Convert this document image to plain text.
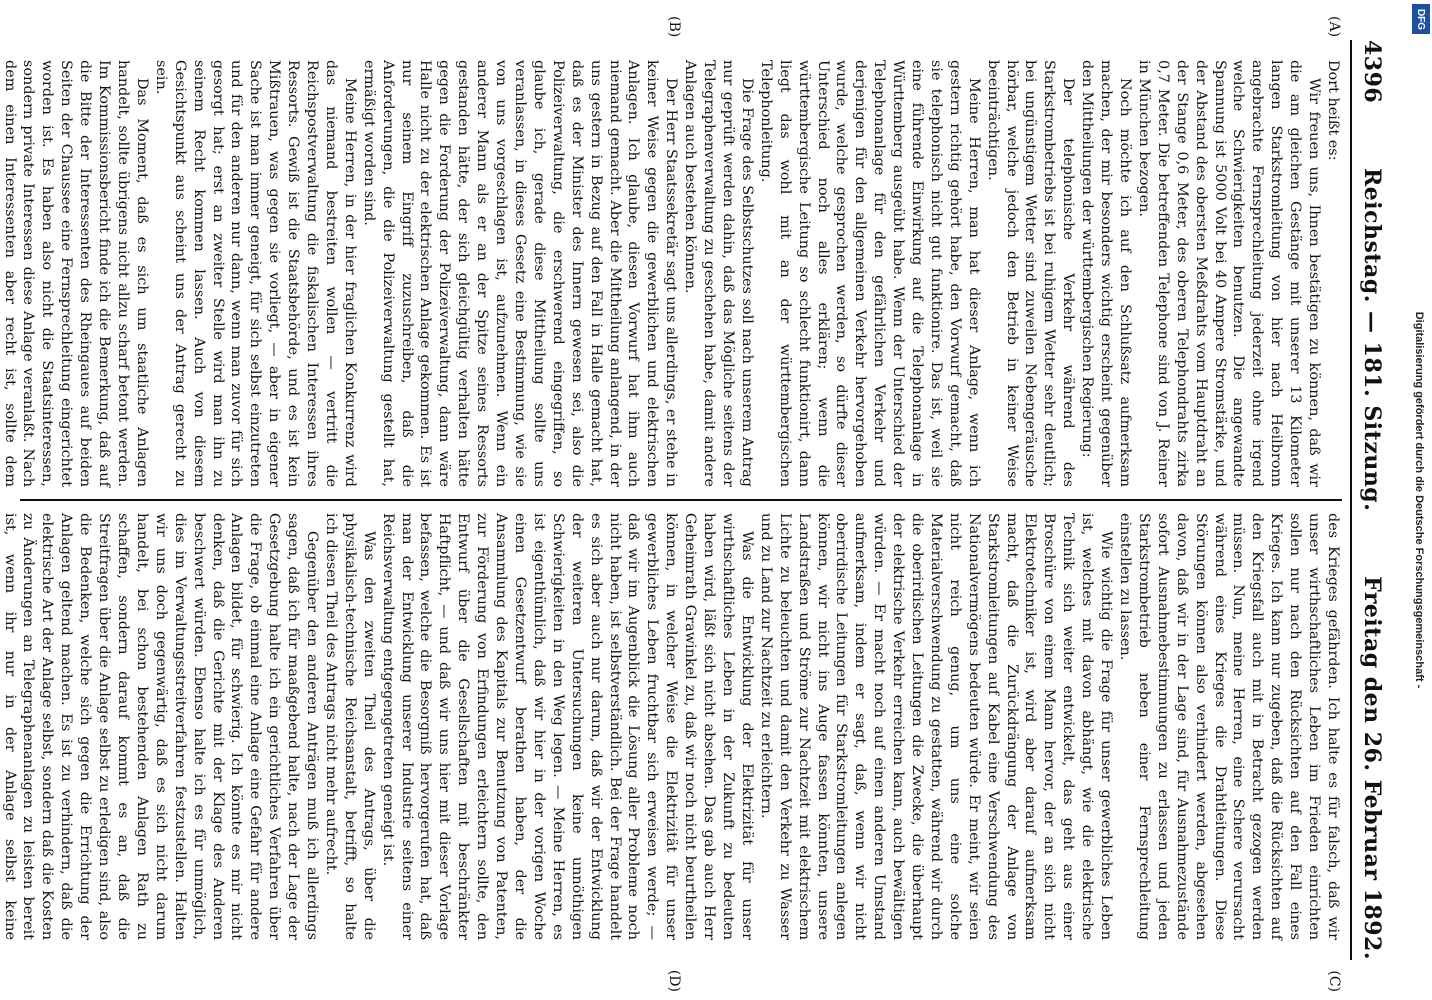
4396
Reichstag. — 181. Sitzung.
Freitag den 26. Februar 1892.
(A)
(B)
(C)
(D)

Dort heißt es:

Wir freuen uns, Ihnen bestätigen zu können, daß wir die am gleichen Gestänge mit unserer 13 Kilometer langen Starkstromleitung von hier nach Heilbronn angebrachte Fernsprechleitung jederzeit ohne irgend welche Schwierigkeiten benutzen. Die angewandte Spannung ist 5000 Volt bei 40 Ampere Stromstärke, und der Abstand des obersten Meßdrahts vom Hauptdraht an der Stange 0,6 Meter, des oberen Telephondrahts zirka 0,7 Meter. Die betreffenden Telephone sind von J. Reiner in München bezogen.

Noch möchte ich auf den Schlußsatz aufmerksam machen, der mir besonders wichtig erscheint gegenüber den Mittheilungen der württembergischen Regierung:

Der telephonische Verkehr während des Starkstrombetriebs ist bei ruhigem Wetter sehr deutlich; bei ungünstigem Wetter sind zuweilen Nebengeräusche hörbar, welche jedoch den Betrieb in keiner Weise beeinträchtigen.

Meine Herren, man hat dieser Anlage, wenn ich gestern richtig gehört habe, den Vorwurf gemacht, daß sie telephonisch nicht gut funktionire. Das ist, weil sie eine führende Einwirkung auf die Telephonanlage in Württemberg ausgeübt habe. Wenn der Unterschied der Telephonanlage für den gefährlichen Verkehr und derjenigen für den allgemeinen Verkehr hervorgehoben wurde, welche gesprochen werden, so dürfte dieser Unterschied noch alles erklären; wenn die württembergische Leitung so schlecht funktionirt, dann liegt das wohl mit an der württembergischen Telephonleitung.

Die Frage des Selbstschutzes soll nach unserem Antrag nur geprüft werden dahin, daß das Mögliche seitens der Telegraphenverwaltung zu geschehen habe, damit andere Anlagen auch bestehen können.

Der Herr Staatssekretär sagt uns allerdings, er stehe in keiner Weise gegen die gewerblichen und elektrischen Anlagen. Ich glaube, diesen Vorwurf hat ihm auch niemand gemacht. Aber die Mittheilung anlangend, in der uns gestern in Bezug auf den Fall in Halle gemacht hat, daß es der Minister des Innern gewesen sei, also die Polizeiverwaltung, die erschwerend eingegriffen, so glaube ich, gerade diese Mittheilung sollte uns veranlassen, in dieses Gesetz eine Bestimmung, wie sie von uns vorgeschlagen ist, aufzunehmen. Wenn ein anderer Mann als er an der Spitze seines Ressorts gestanden hätte, der sich gleichgültig verhalten hätte gegen die Forderung der Polizeiverwaltung, dann wäre Halle nicht zu der elektrischen Anlage gekommen. Es ist nur seinem Eingriff zuzuschreiben, daß die Anforderungen, die die Polizeiverwaltung gestellt hat, ermäßigt worden sind.

Meine Herren, in der hier fraglichen Konkurrenz wird das niemand bestreiten wollen — vertritt die Reichspostverwaltung die fiskalischen Interessen ihres Ressorts. Gewiß ist die Staatsbehörde, und es ist kein Mißtrauen, was gegen sie vorliegt, — aber in eigener Sache ist man immer geneigt, für sich selbst einzutreten und für den anderen nur dann, wenn man zuvor für sich gesorgt hat; erst an zweiter Stelle wird man ihn zu seinem Recht kommen lassen. Auch von diesem Gesichtspunkt aus scheint uns der Antrag gerecht zu sein.

Das Moment, daß es sich um staatliche Anlagen handelt, sollte übrigens nicht allzu scharf betont werden. Im Kommissionsbericht finde ich die Bemerkung, daß auf die Bitte der Interessenten des Rheingaues auf beiden Seiten der Chaussee eine Fernsprechleitung eingerichtet worden ist. Es haben also nicht die Staatsinteressen, sondern private Interessen diese Anlage veranlaßt. Nach dem einen Interessenten aber recht ist, sollte dem

des Krieges gefährden. Ich halte es für falsch, daß wir unser wirthschaftliches Leben im Frieden einrichten sollen nur nach den Rücksichten auf den Fall eines Krieges. Ich kann nur zugeben, daß die Rücksichten auf den Kriegsfall auch mit in Betracht gezogen werden müssen. Nun, meine Herren, eine Schere verursacht während eines Krieges die Drahtleitungen. Diese Störungen können also verhindert werden, abgesehen davon, daß wir in der Lage sind, für Ausnahmezustände sofort Ausnahmebestimmungen zu erlassen und jeden Starkstrombetrieb neben einer Fernsprechleitung einstellen zu lassen.

Wie wichtig die Frage für unser gewerbliches Leben ist, welches mit davon abhängt, wie die elektrische Technik sich weiter entwickelt, das geht aus einer Broschüre von einem Mann hervor, der an sich nicht Elektrotechniker ist, wird aber darauf aufmerksam macht, daß die Zurückdrängung der Anlage von Starkstromleitungen auf Kabel eine Verschwendung des Nationalvermögens bedeuten würde. Er meint, wir seien nicht reich genug, um uns eine solche Materialverschwendung zu gestatten, während wir durch die oberirdischen Leitungen die Zwecke, die überhaupt der elektrische Verkehr erreichen kann, auch bewältigen würden. — Er macht noch auf einen anderen Umstand aufmerksam, indem er sagt, daß, wenn wir nicht oberirdische Leitungen für Starkstromleitungen anlegen können, wir nicht ins Auge fassen könnten, unsere Landstraßen und Ströme zur Nachtzeit mit elektrischem Lichte zu beleuchten und damit den Verkehr zu Wasser und zu Land zur Nachtzeit zu erleichtern.

Was die Entwicklung der Elektrizität für unser wirthschaftliches Leben in der Zukunft zu bedeuten haben wird, läßt sich nicht absehen. Das gab auch Herr Geheimrath Grawinkel zu, daß wir noch nicht beurtheilen können, in welcher Weise die Elektrizität für unser gewerbliches Leben fruchtbar sich erweisen werde; — daß wir im Augenblick die Lösung aller Probleme noch nicht haben, ist selbstverständlich. Bei der Frage handelt es sich aber auch nur darum, daß wir der Entwicklung der weiteren Untersuchungen keine unnöthigen Schwierigkeiten in den Weg legen. — Meine Herren, es ist eigenthümlich, daß wir hier in der vorigen Woche einen Gesetzentwurf berathen haben, der die Ansammlung des Kapitals zur Benutzung von Patenten, zur Förderung von Erfindungen erleichtern sollte, den Entwurf über die Gesellschaften mit beschränkter Haftpflicht, — und daß wir uns hier mit dieser Vorlage befassen, welche die Besorgniß hervorgerufen hat, daß man der Entwicklung unserer Industrie seitens einer Reichsverwaltung entgegengetreten geneigt ist.

Was den zweiten Theil des Antrags, über die physikalisch-technische Reichsanstalt, betrifft, so halte ich diesen Theil des Antrags nicht mehr aufrecht.

Gegenüber den anderen Anträgen muß ich allerdings sagen, daß ich für maaßgebend halte, nach der Lage der Gesetzgebung halte ich ein gerichtliches Verfahren über die Frage, ob einmal eine Anlage eine Gefahr für andere Anlagen bildet, für schwierig. Ich könnte es mir nicht denken, daß die Gerichte mit der Klage des Anderen beschwert würden. Ebenso halte ich es für unmöglich, dies im Verwaltungsstreitverfahren festzustellen. Halten wir uns doch gegenwärtig, daß es sich nicht darum handelt, bei schon bestehenden Anlagen Rath zu schaffen, sondern darauf kommt es an, daß die Streitfragen über die Anlage selbst zu erledigen sind, also die Bedenken, welche sich gegen die Errichtung der Anlagen geltend machen. Es ist zu verhindern, daß die elektrische Art der Anlage selbst, sondern daß die Kosten zu Änderungen an Telegraphenanlagen zu leisten bereit ist, wenn ihr nur in der Anlage selbst keine

Digitalisierung gefördert durch die Deutsche Forschungsgemeinschaft -
DFG
